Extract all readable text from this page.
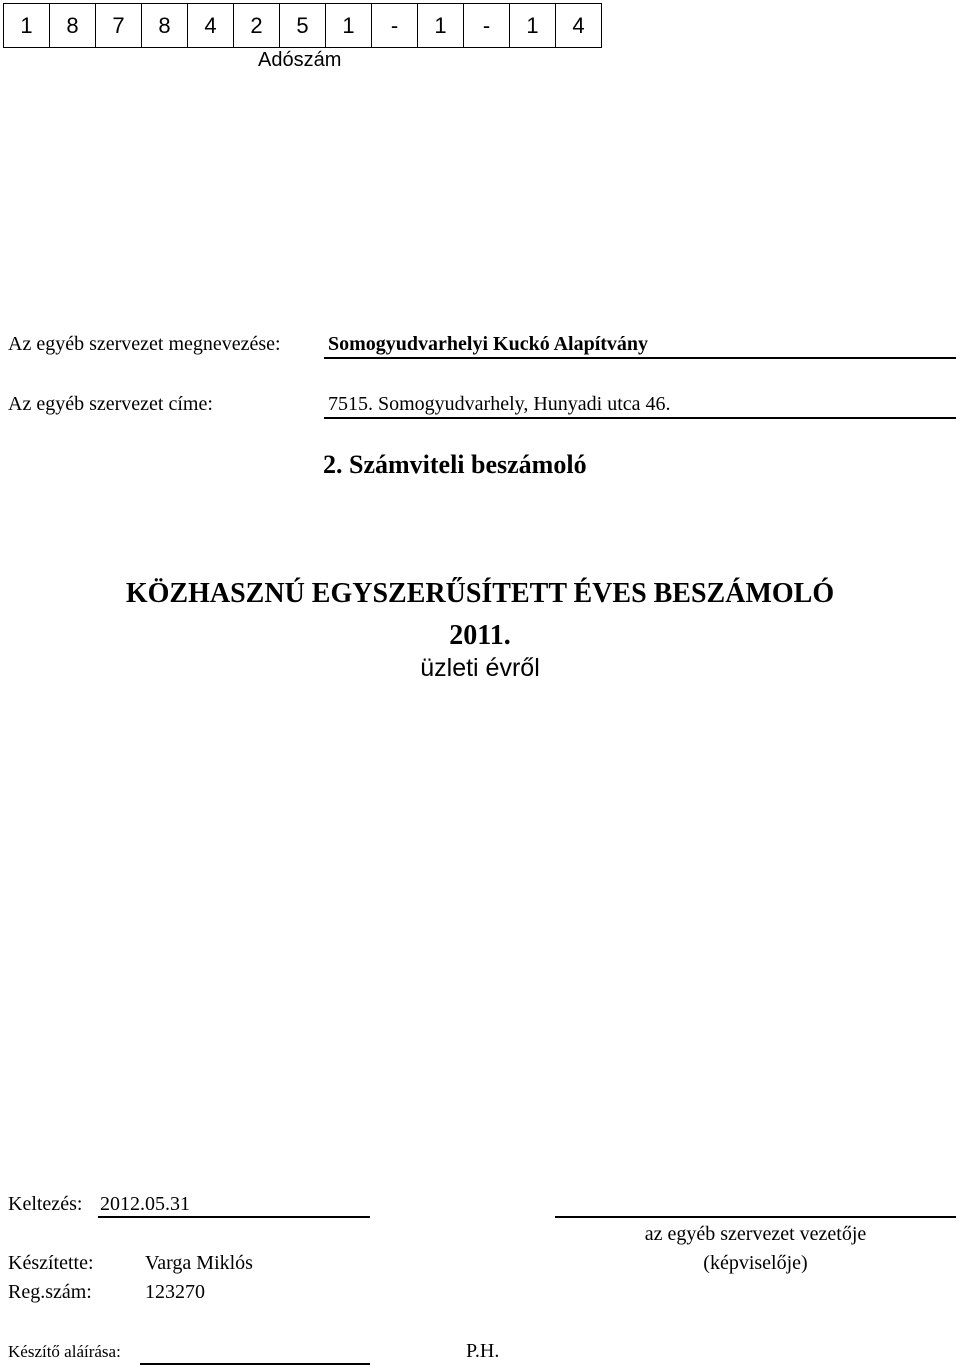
1	8	7	8	4	2	5	1	-	1	-	1	4
Adószám
Az egyéb szervezet megnevezése: Somogyudvarhelyi Kuckó Alapítvány
Az egyéb szervezet címe:	7515. Somogyudvarhely, Hunyadi utca 46.
2. Számviteli beszámoló
KÖZHASZNÚ EGYSZERŰSÍTETT ÉVES BESZÁMOLÓ
2011.
üzleti évről
Keltezés: 2012.05.31
az egyéb szervezet vezetője
(képviselője)
Készítette:	Varga Miklós
Reg.szám:	123270
Készítő aláírása:	P.H.
